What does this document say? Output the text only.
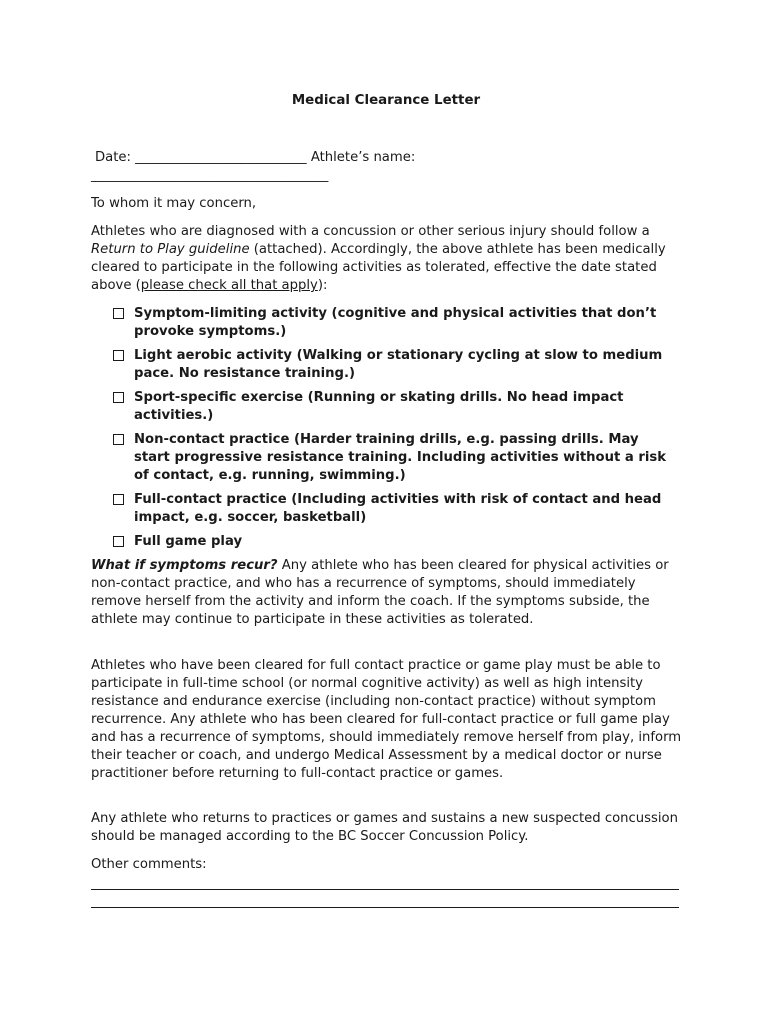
Medical Clearance Letter

Date: __________________________ Athlete’s name:

____________________________________

To whom it may concern,

Athletes who are diagnosed with a concussion or other serious injury should follow a Return to Play guideline (attached). Accordingly, the above athlete has been medically cleared to participate in the following activities as tolerated, effective the date stated above (please check all that apply):

Symptom-limiting activity (cognitive and physical activities that don’t provoke symptoms.)
Light aerobic activity (Walking or stationary cycling at slow to medium pace. No resistance training.)
Sport-specific exercise (Running or skating drills. No head impact activities.)
Non-contact practice (Harder training drills, e.g. passing drills. May start progressive resistance training. Including activities without a risk of contact, e.g. running, swimming.)
Full-contact practice (Including activities with risk of contact and head impact, e.g. soccer, basketball)
Full game play

What if symptoms recur? Any athlete who has been cleared for physical activities or non-contact practice, and who has a recurrence of symptoms, should immediately remove herself from the activity and inform the coach. If the symptoms subside, the athlete may continue to participate in these activities as tolerated.

Athletes who have been cleared for full contact practice or game play must be able to participate in full-time school (or normal cognitive activity) as well as high intensity resistance and endurance exercise (including non-contact practice) without symptom recurrence. Any athlete who has been cleared for full-contact practice or full game play and has a recurrence of symptoms, should immediately remove herself from play, inform their teacher or coach, and undergo Medical Assessment by a medical doctor or nurse practitioner before returning to full-contact practice or games.

Any athlete who returns to practices or games and sustains a new suspected concussion should be managed according to the BC Soccer Concussion Policy.

Other comments:
